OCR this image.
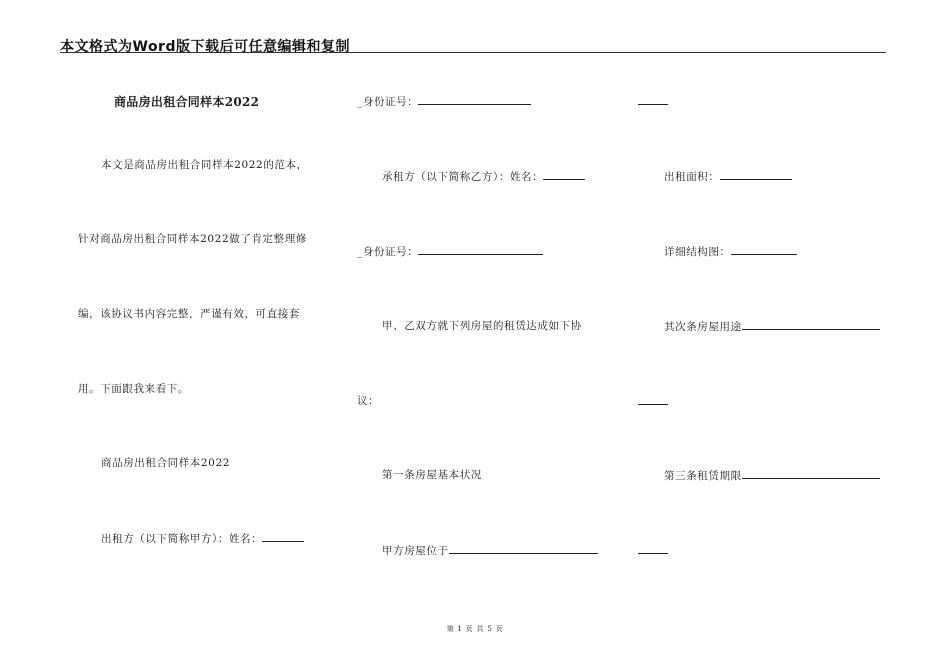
本文格式为Word版下载后可任意编辑和复制
商品房出租合同样本2022
本文是商品房出租合同样本2022的范本，
针对商品房出租合同样本2022做了肯定整理修
编，该协议书内容完整，严谨有效，可直接套
用。下面跟我来看下。
商品房出租合同样本2022
出租方（以下简称甲方）：姓名：
_身份证号：
承租方（以下简称乙方）：姓名：
_身份证号：
甲、乙双方就下列房屋的租赁达成如下协
议：
第一条房屋基本状况
甲方房屋位于
出租面积：
详细结构图：
其次条房屋用途
第三条租赁期限
第 1 页 共 5 页
